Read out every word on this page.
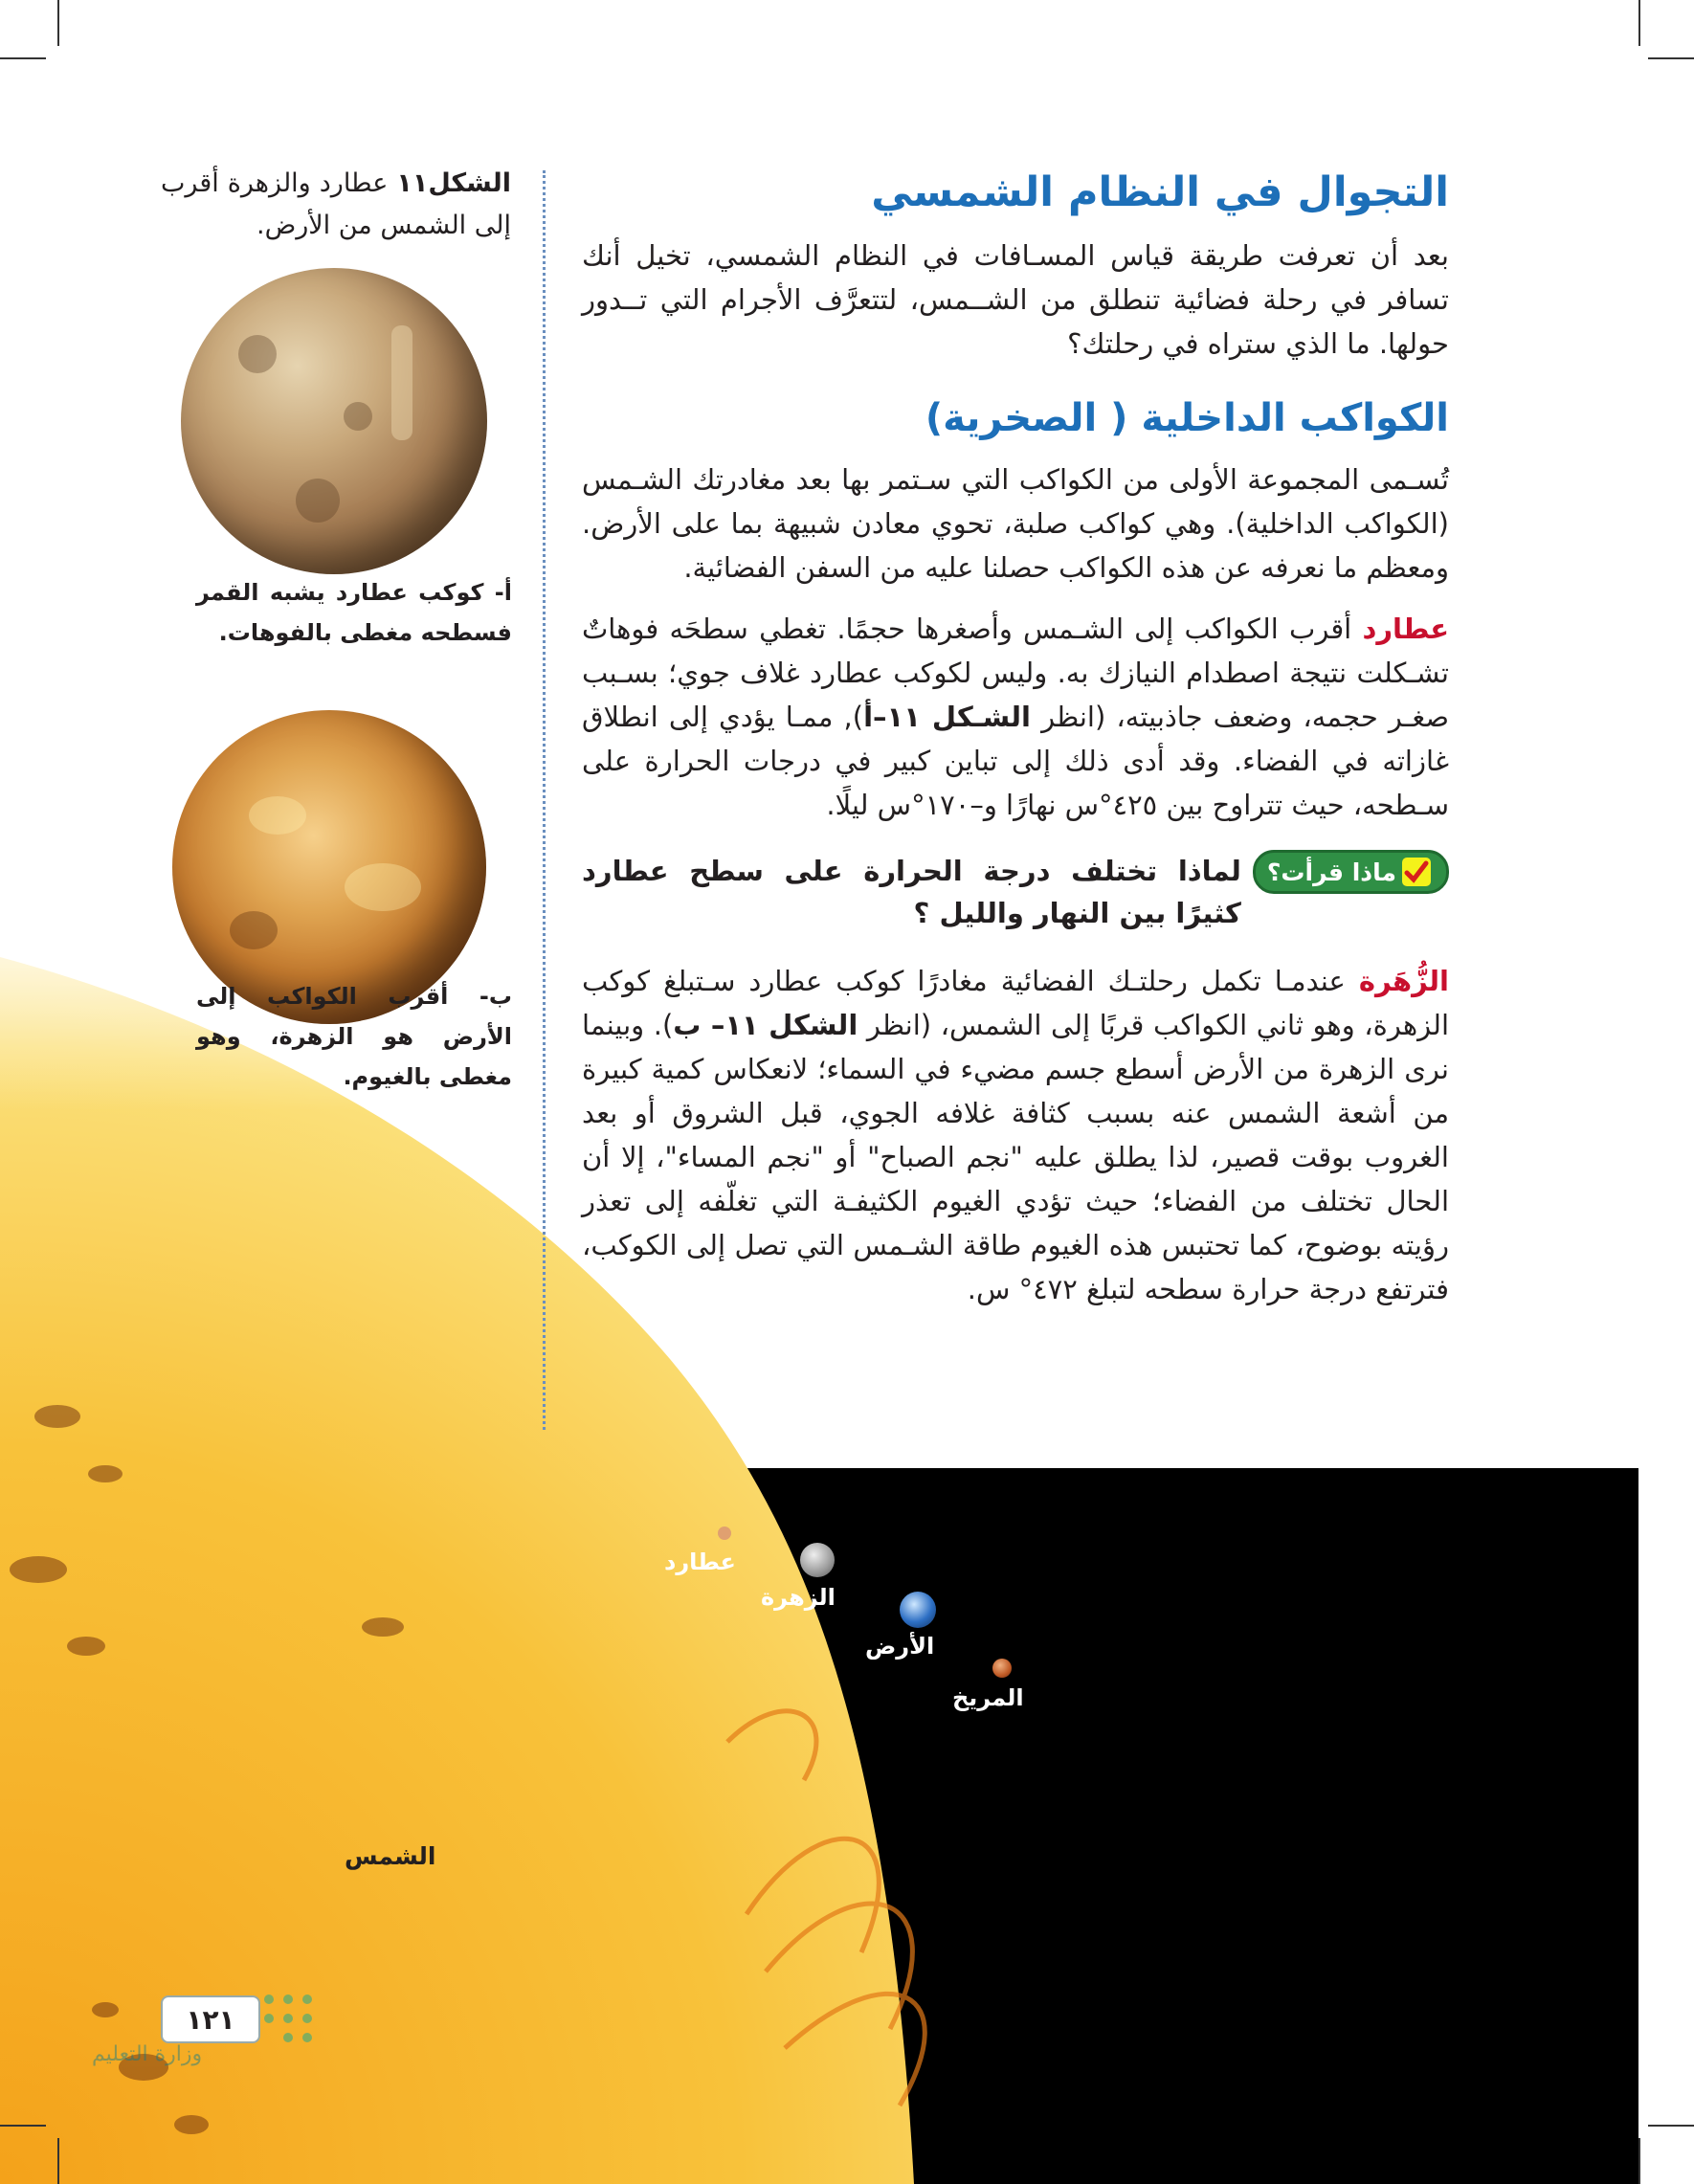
التجوال في النظام الشمسي

بعد أن تعرفت طريقة قياس المسـافات في النظام الشمسي، تخيل أنك تسافر في رحلة فضائية تنطلق من الشــمس، لتتعرَّف الأجرام التي تــدور حولها. ما الذي ستراه في رحلتك؟

الكواكب الداخلية ( الصخرية)

تُسـمى المجموعة الأولى من الكواكب التي سـتمر بها بعد مغادرتك الشـمس (الكواكب الداخلية). وهي كواكب صلبة، تحوي معادن شبيهة بما على الأرض. ومعظم ما نعرفه عن هذه الكواكب حصلنا عليه من السفن الفضائية.

عطارد أقرب الكواكب إلى الشـمس وأصغرها حجمًا. تغطي سطحَه فوهاتٌ تشـكلت نتيجة اصطدام النيازك به. وليس لكوكب عطارد غلاف جوي؛ بسـبب صغـر حجمه، وضعف جاذبيته، (انظر الشـكل ١١–أ), ممـا يؤدي إلى انطلاق غازاته في الفضاء. وقد أدى ذلك إلى تباين كبير في درجات الحرارة على سـطحه، حيث تتراوح بين ٤٢٥°س نهارًا و–١٧٠°س ليلًا.

ماذا قرأت؟
لماذا تختلف درجة الحرارة على سطح عطارد كثيرًا بين النهار والليل ؟

الزُّهَرة عندمـا تكمل رحلتـك الفضائية مغادرًا كوكب عطارد سـتبلغ كوكب الزهرة، وهو ثاني الكواكب قربًا إلى الشمس، (انظر الشكل ١١– ب). وبينما نرى الزهرة من الأرض أسطع جسم مضيء في السماء؛ لانعكاس كمية كبيرة من أشعة الشمس عنه بسبب كثافة غلافه الجوي، قبل الشروق أو بعد الغروب بوقت قصير، لذا يطلق عليه "نجم الصباح" أو "نجم المساء"، إلا أن الحال تختلف من الفضاء؛ حيث تؤدي الغيوم الكثيفـة التي تغلّفه إلى تعذر رؤيته بوضوح، كما تحتبس هذه الغيوم طاقة الشـمس التي تصل إلى الكوكب، فترتفع درجة حرارة سطحه لتبلغ ٤٧٢° س.

الشكل١١ عطارد والزهرة أقرب إلى الشمس من الأرض.
أ- كوكب عطارد يشبه القمر فسطحه مغطى بالفوهات.
ب- أقرب الكواكب إلى الأرض هو الزهرة، وهو مغطى بالغيوم.
عطارد
الزهرة
الأرض
المريخ
الشمس
١٢١
وزارة التعليم
